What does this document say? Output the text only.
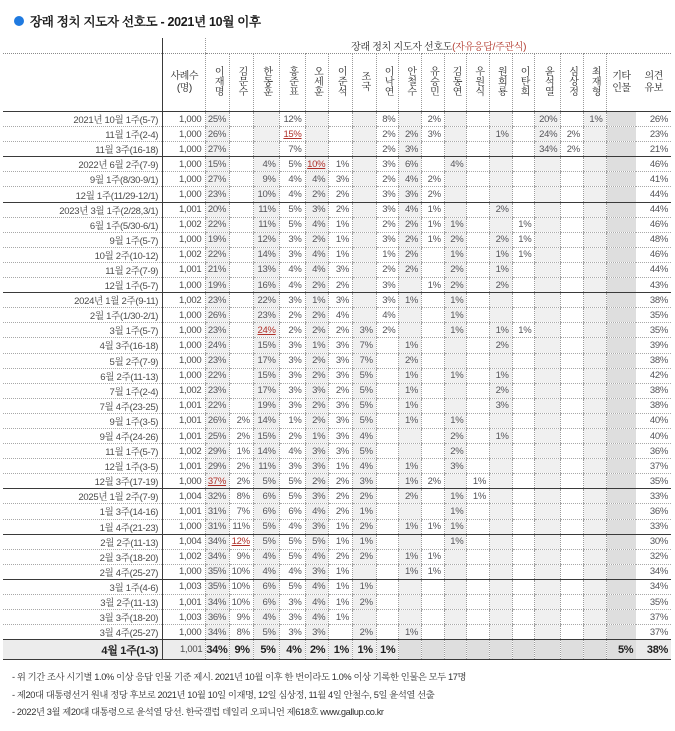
장래 정치 지도자 선호도 - 2021년 10월 이후
		장래 정치 지도자 선호도(자유응답/주관식)																		

	사례수
(명)	이재명	김문수	한동훈	홍준표	오세훈	이준석	조국	이낙연	안철수	유승민	김동연	우원식	원희룡	이탄희	윤석열	심상정	최재형	기타
인물	의견
유보

2021년 10월 1주(5-7)	1,000	25%			12%				8%		2%					20%		1%		26%
11월 1주(2-4)	1,000	26%			15%				2%	2%	3%			1%		24%	2%			23%
11월 3주(16-18)	1,000	27%			7%				2%	3%						34%	2%			21%
2022년 6월 2주(7-9)	1,000	15%		4%	5%	10%	1%		3%	6%		4%								46%
9월 1주(8/30-9/1)	1,000	27%		9%	4%	4%	3%		2%	4%	2%									41%
12월 1주(11/29-12/1)	1,000	23%		10%	4%	2%	2%		3%	3%	2%									44%
2023년 3월 1주(2/28,3/1)	1,001	20%		11%	5%	3%	2%		3%	4%	1%			2%						44%
6월 1주(5/30-6/1)	1,002	22%		11%	5%	4%	1%		2%	2%	1%	1%			1%					46%
9월 1주(5-7)	1,000	19%		12%	3%	2%	1%		3%	2%	1%	2%		2%	1%					48%
10월 2주(10-12)	1,002	22%		14%	3%	4%	1%		1%	2%		1%		1%	1%					46%
11월 2주(7-9)	1,001	21%		13%	4%	4%	3%		2%	2%		2%		1%						44%
12월 1주(5-7)	1,000	19%		16%	4%	2%	2%		3%		1%	2%		2%						43%
2024년 1월 2주(9-11)	1,002	23%		22%	3%	1%	3%		3%	1%		1%								38%
2월 1주(1/30-2/1)	1,000	26%		23%	2%	2%	4%		4%			1%								35%
3월 1주(5-7)	1,000	23%		24%	2%	2%	2%	3%	2%			1%		1%	1%					35%
4월 3주(16-18)	1,000	24%		15%	3%	1%	3%	7%		1%				2%						39%
5월 2주(7-9)	1,000	23%		17%	3%	2%	3%	7%		2%										38%
6월 2주(11-13)	1,000	22%		15%	3%	2%	3%	5%		1%		1%		1%						42%
7월 1주(2-4)	1,002	23%		17%	3%	3%	2%	5%		1%				2%						38%
7월 4주(23-25)	1,001	22%		19%	3%	2%	3%	5%		1%				3%						38%
9월 1주(3-5)	1,001	26%	2%	14%	1%	2%	3%	5%		1%		1%								40%
9월 4주(24-26)	1,001	25%	2%	15%	2%	1%	3%	4%				2%		1%						40%
11월 1주(5-7)	1,002	29%	1%	14%	4%	3%	3%	5%				2%								36%
12월 1주(3-5)	1,001	29%	2%	11%	3%	3%	1%	4%		1%		3%								37%
12월 3주(17-19)	1,000	37%	2%	5%	5%	2%	2%	3%		1%	2%		1%							35%
2025년 1월 2주(7-9)	1,004	32%	8%	6%	5%	3%	2%	2%		2%		1%	1%							33%
1월 3주(14-16)	1,001	31%	7%	6%	6%	4%	2%	1%				1%								36%
1월 4주(21-23)	1,000	31%	11%	5%	4%	3%	1%	2%		1%	1%	1%								33%
2월 2주(11-13)	1,004	34%	12%	5%	5%	5%	1%	1%				1%								30%
2월 3주(18-20)	1,002	34%	9%	4%	5%	4%	2%	2%		1%	1%									32%
2월 4주(25-27)	1,000	35%	10%	4%	4%	3%	1%			1%	1%									34%
3월 1주(4-6)	1,003	35%	10%	6%	5%	4%	1%	1%												34%
3월 2주(11-13)	1,001	34%	10%	6%	3%	4%	1%	2%												35%
3월 3주(18-20)	1,003	36%	9%	4%	3%	4%	1%													37%
3월 4주(25-27)	1,000	34%	8%	5%	3%	3%		2%		1%										37%
4월 1주(1-3)	1,001	34%	9%	5%	4%	2%	1%	1%	1%										5%	38%
- 위 기간 조사 시기별 1.0% 이상 응답 인물 기준 제시. 2021년 10월 이후 한 번이라도 1.0% 이상 기록한 인물은 모두 17명
- 제20대 대통령선거 원내 정당 후보로 2021년 10월 10일 이재명, 12일 심상정, 11월 4일 안철수, 5일 윤석열 선출
- 2022년 3월 제20대 대통령으로 윤석열 당선. 한국갤럽 데일리 오피니언 제618호 www.gallup.co.kr
